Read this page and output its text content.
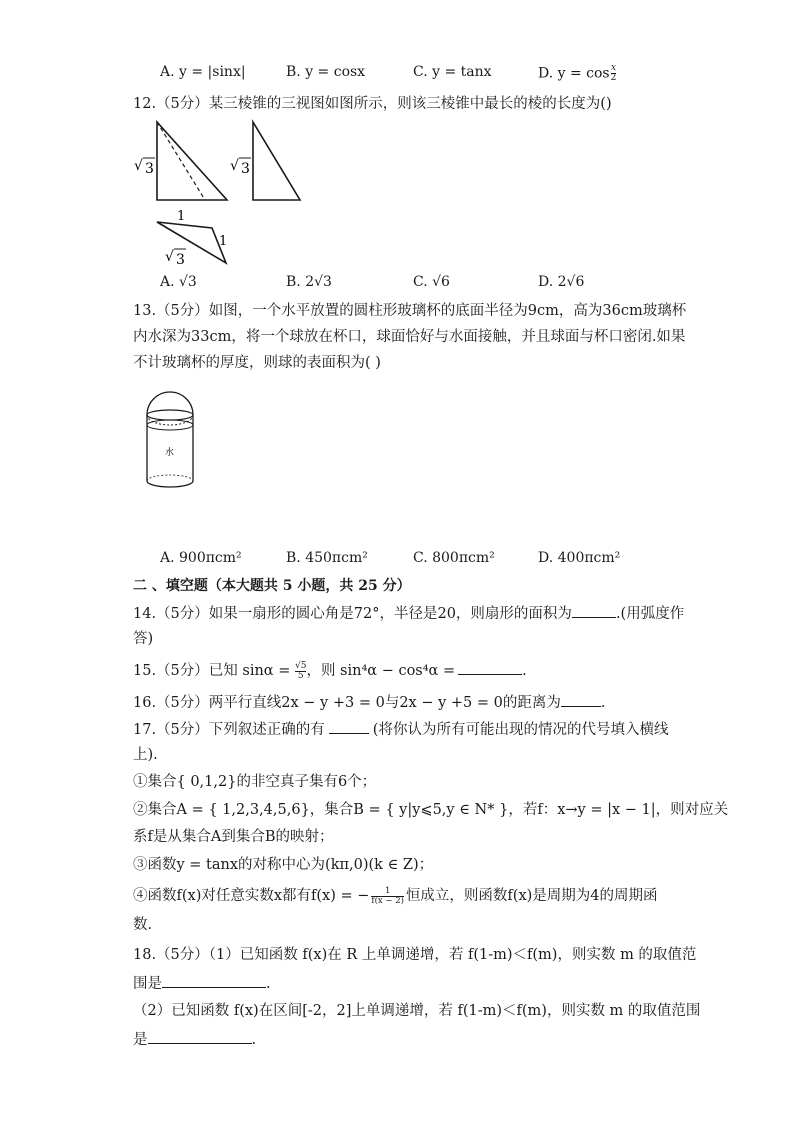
A. y = |sinx|	B. y = cosx	C. y = tanx	D. $y = \cos \frac{x}{2}$
12.（5分）某三棱锥的三视图如图所示，则该三棱锥中最长的棱的长度为()
√ 3
1
1
√ 3
√ 3
A. √3	B. 2√3	C. √6	D. 2√6
13.（5分）如图，一个水平放置的圆柱形玻璃杯的底面半径为9cm，高为36cm玻璃杯
内水深为33cm，将一个球放在杯口，球面恰好与水面接触，并且球面与杯口密闭.如果
不计玻璃杯的厚度，则球的表面积为( )
水
A. 900πcm²	B. 450πcm²	C. 800πcm²	D. 400πcm²
二 、填空题（本大题共 5 小题，共 25 分）
14.（5分）如果一扇形的圆心角是72°，半径是20，则扇形的面积为	.(用弧度作
答)
15.（5分）已知 $\sin\alpha = \frac{√5}{5}$ ，则 sin⁴α − cos⁴α =	.
16.（5分）两平行直线2x − y +3 = 0与2x − y +5 = 0的距离为	.
17.（5分）下列叙述正确的有	(将你认为所有可能出现的情况的代号填入横线
上).
①集合{ 0,1,2}的非空真子集有6个；
②集合A = { 1,2,3,4,5,6}，集合B = { y|y⩽5,y ∈ N* }，若f：x→y = |x − 1|，则对应关
系f是从集合A到集合B的映射；
③函数y = tanx的对称中心为(kπ,0)(k ∈ Z)；
④函数f(x)对任意实数x都有f(x) = − $\frac{1}{f(x - 2)}$ 恒成立，则函数f(x)是周期为4的周期函
数.
18.（5分）（1）已知函数 f(x)在 R 上单调递增，若 f(1-m)＜f(m)，则实数 m 的取值范
围是	.
（2）已知函数 f(x)在区间[-2，2]上单调递增，若 f(1-m)＜f(m)，则实数 m 的取值范围
是	.
